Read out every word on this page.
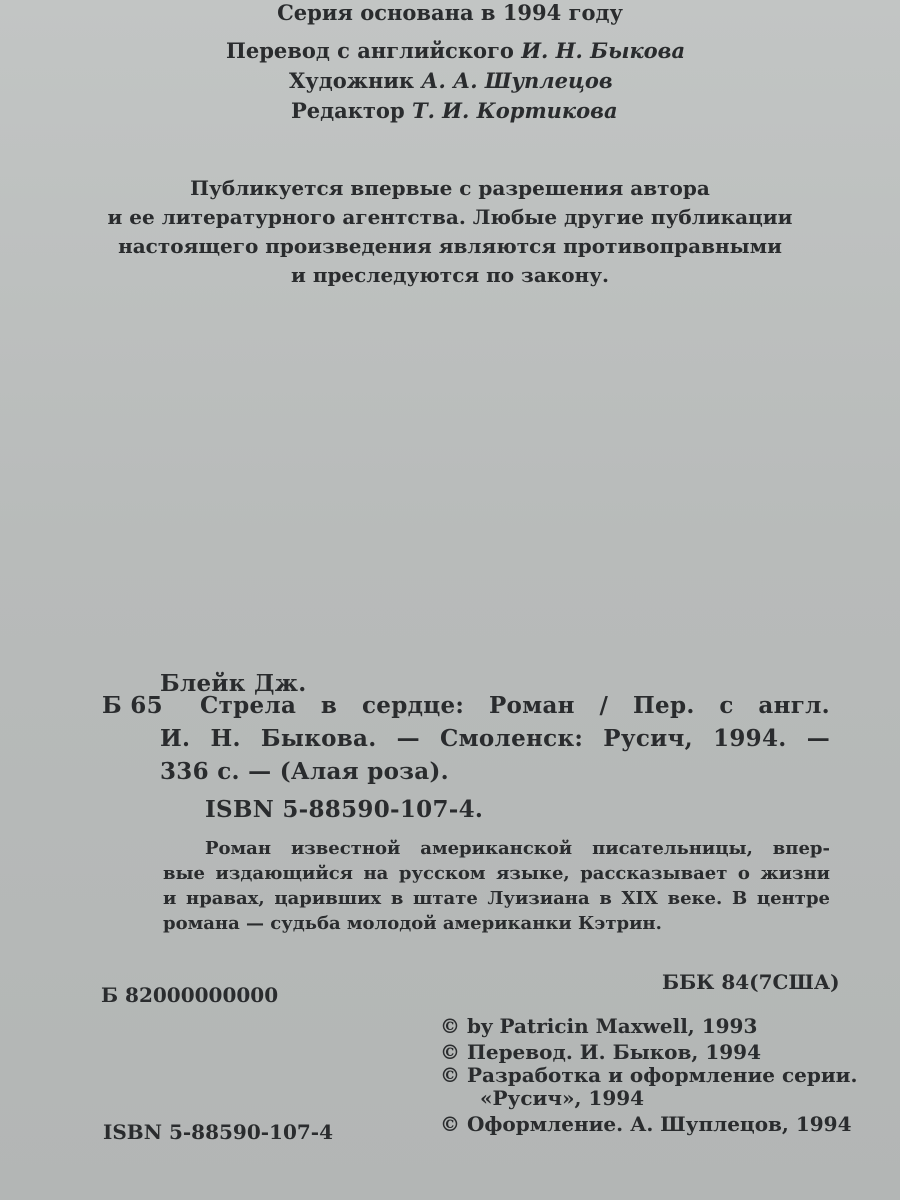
Серия основана в 1994 году
Перевод с английского И. Н. Быкова
Художник А. А. Шуплецов
Редактор Т. И. Кортикова
Публикуется впервые с разрешения автора
и ее литературного агентства. Любые другие публикации
настоящего произведения являются противоправными
и преследуются по закону.
Блейк Дж.
Б 65 Стрела в сердце: Роман / Пер. с англ.
И. Н. Быкова. — Смоленск: Русич, 1994. —
336 с. — (Алая роза).
ISBN 5-88590-107-4.
Роман известной американской писательницы, впер-
вые издающийся на русском языке, рассказывает о жизни
и нравах, царивших в штате Луизиана в XIX веке. В центре
романа — судьба молодой американки Кэтрин.
Б 82000000000
ББК 84(7США)
© by Patricin Maxwell, 1993
© Перевод. И. Быков, 1994
© Разработка и оформление серии.
«Русич», 1994
© Оформление. А. Шуплецов, 1994
ISBN 5-88590-107-4
